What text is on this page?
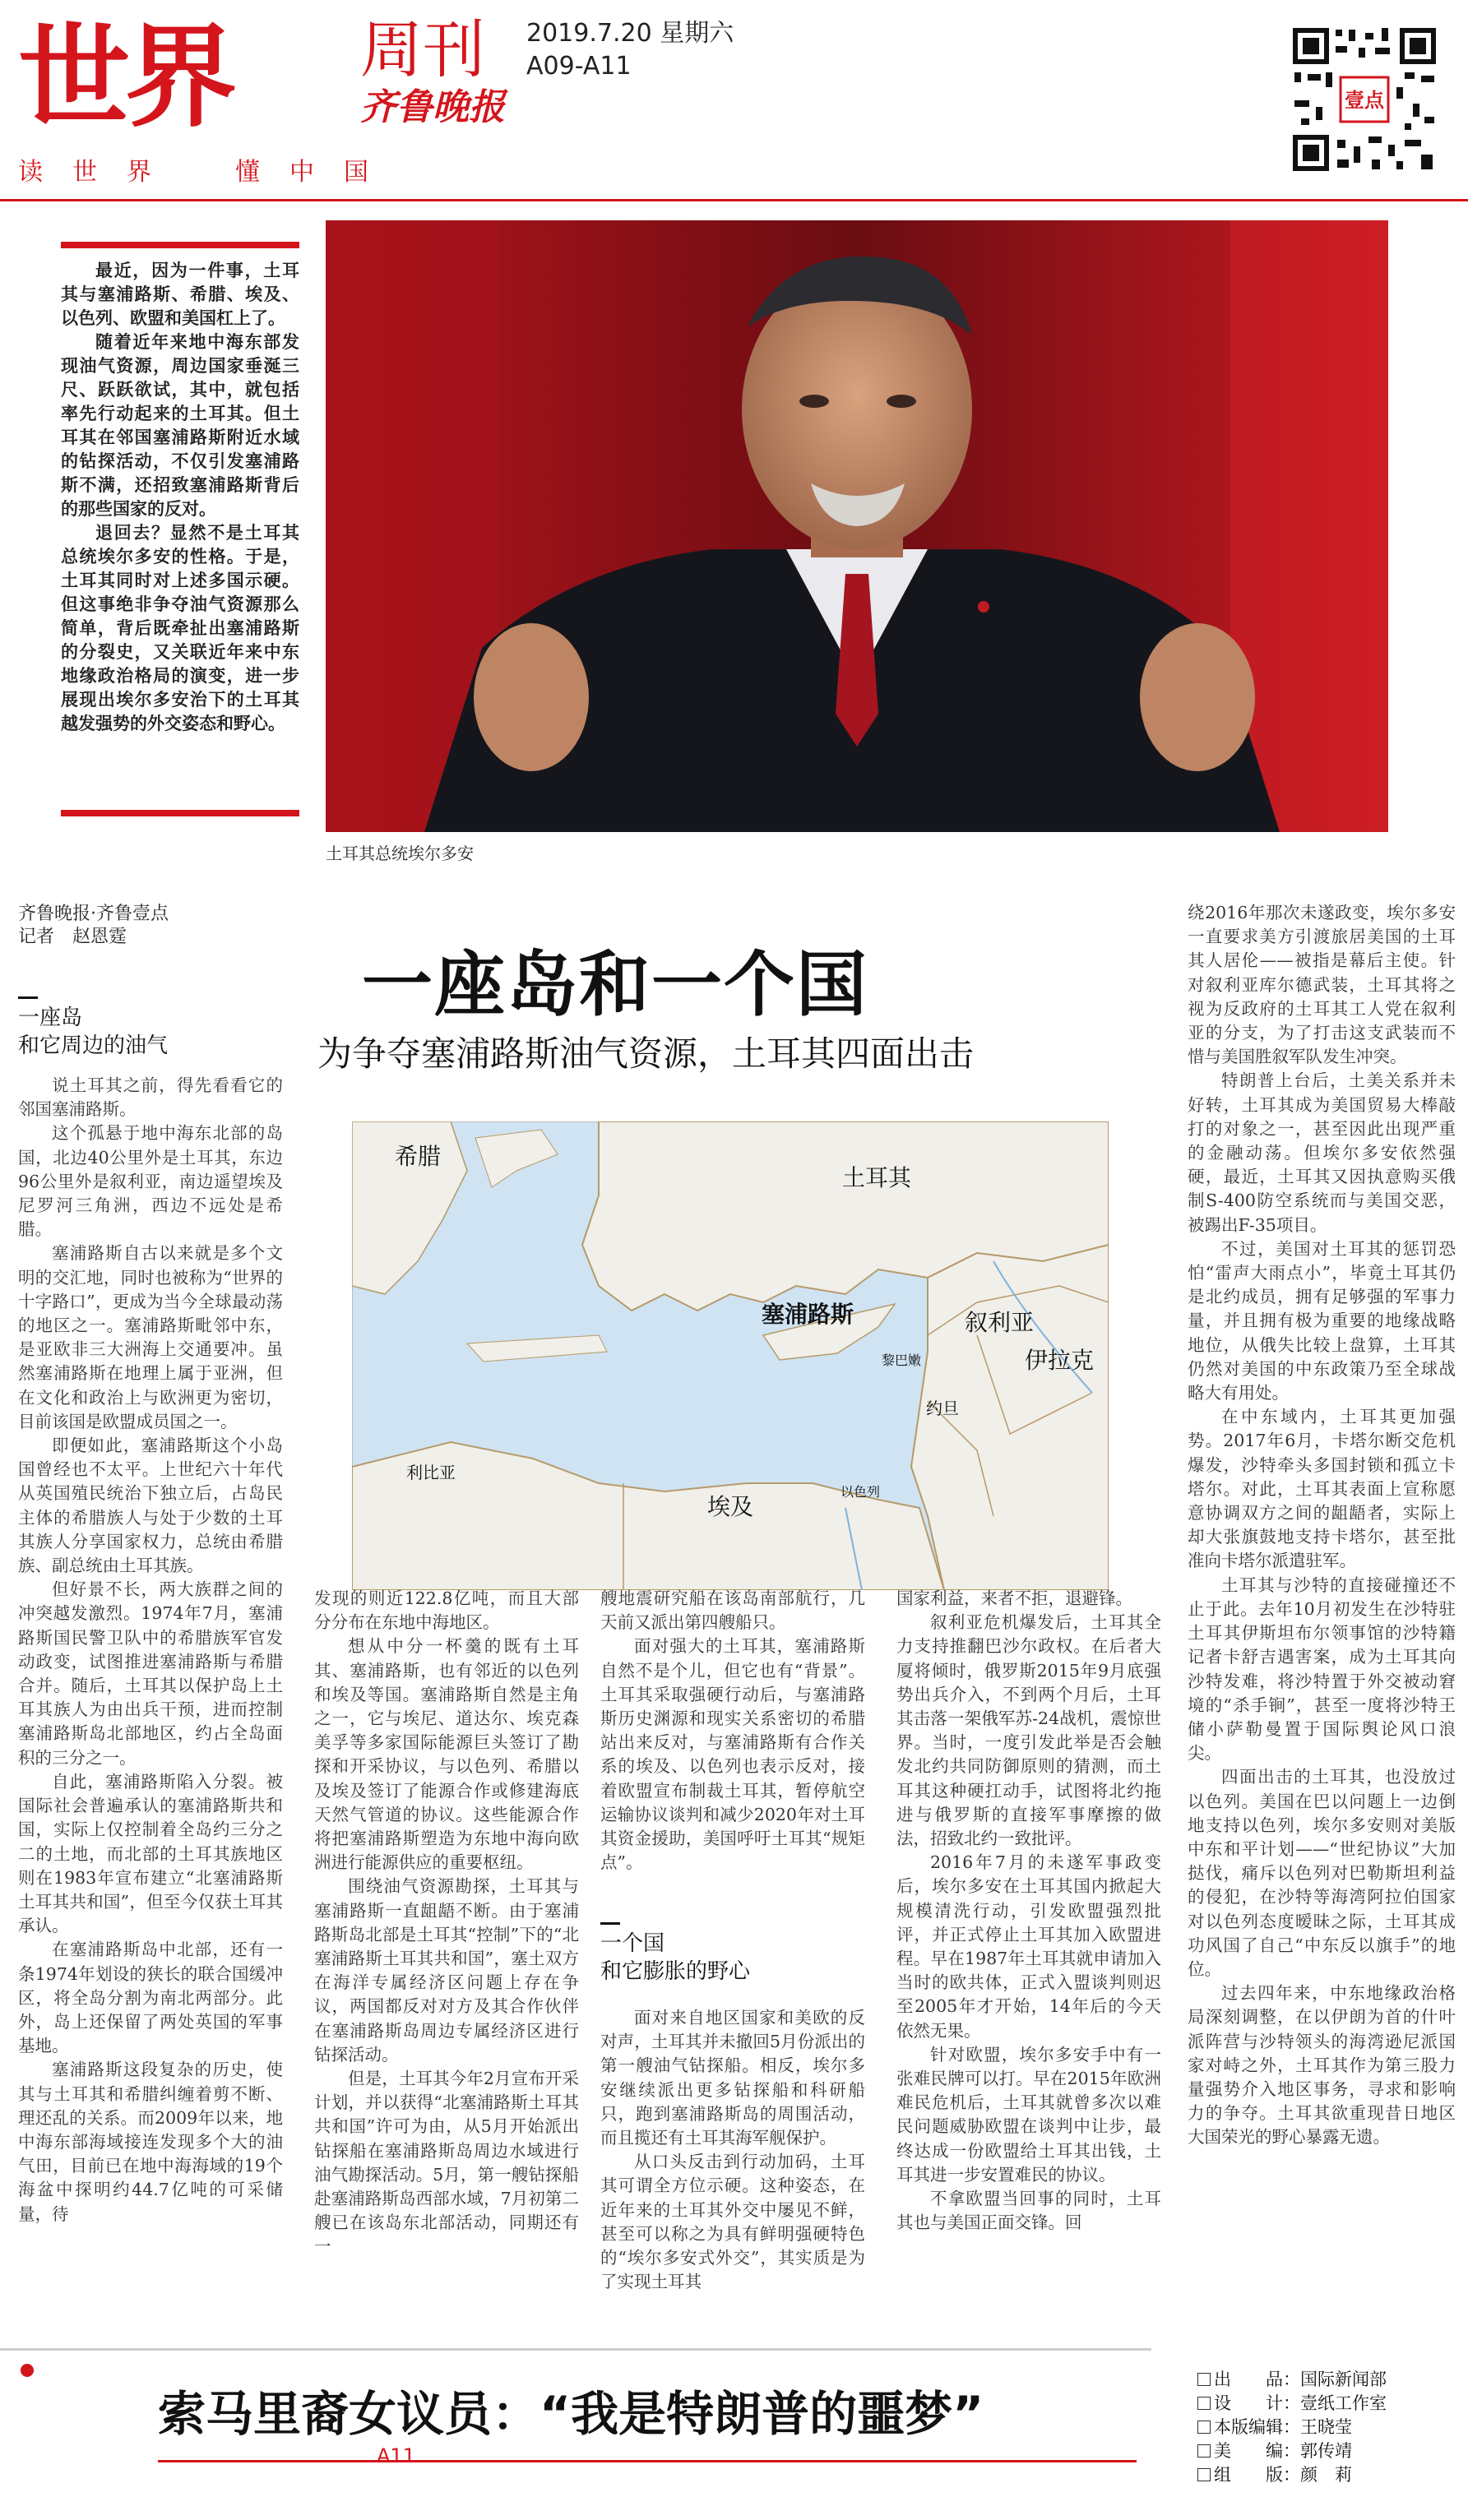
世界 周刊
齐鲁晚报
2019.7.20 星期六
A09-A11
读	世	界	懂	中	国
壹点

最近，因为一件事，土耳其与塞浦路斯、希腊、埃及、以色列、欧盟和美国杠上了。

随着近年来地中海东部发现油气资源，周边国家垂涎三尺、跃跃欲试，其中，就包括率先行动起来的土耳其。但土耳其在邻国塞浦路斯附近水域的钻探活动，不仅引发塞浦路斯不满，还招致塞浦路斯背后的那些国家的反对。

退回去？显然不是土耳其总统埃尔多安的性格。于是，土耳其同时对上述多国示硬。但这事绝非争夺油气资源那么简单，背后既牵扯出塞浦路斯的分裂史，又关联近年来中东地缘政治格局的演变，进一步展现出埃尔多安治下的土耳其越发强势的外交姿态和野心。

土耳其总统埃尔多安
齐鲁晚报·齐鲁壹点
记者　赵恩霆
一座岛和一个国
为争夺塞浦路斯油气资源，土耳其四面出击
一座岛
和它周边的油气
希腊
土耳其
塞浦路斯	叙利亚
黎巴嫩	伊拉克
约旦
以色列
利比亚
埃及

说土耳其之前，得先看看它的邻国塞浦路斯。

这个孤悬于地中海东北部的岛国，北边40公里外是土耳其，东边96公里外是叙利亚，南边遥望埃及尼罗河三角洲，西边不远处是希腊。

塞浦路斯自古以来就是多个文明的交汇地，同时也被称为“世界的十字路口”，更成为当今全球最动荡的地区之一。塞浦路斯毗邻中东，是亚欧非三大洲海上交通要冲。虽然塞浦路斯在地理上属于亚洲，但在文化和政治上与欧洲更为密切，目前该国是欧盟成员国之一。

即便如此，塞浦路斯这个小岛国曾经也不太平。上世纪六十年代从英国殖民统治下独立后，占岛民主体的希腊族人与处于少数的土耳其族人分享国家权力，总统由希腊族、副总统由土耳其族。

但好景不长，两大族群之间的冲突越发激烈。1974年7月，塞浦路斯国民警卫队中的希腊族军官发动政变，试图推进塞浦路斯与希腊合并。随后，土耳其以保护岛上土耳其族人为由出兵干预，进而控制塞浦路斯岛北部地区，约占全岛面积的三分之一。

自此，塞浦路斯陷入分裂。被国际社会普遍承认的塞浦路斯共和国，实际上仅控制着全岛约三分之二的土地，而北部的土耳其族地区则在1983年宣布建立“北塞浦路斯土耳其共和国”，但至今仅获土耳其承认。

在塞浦路斯岛中北部，还有一条1974年划设的狭长的联合国缓冲区，将全岛分割为南北两部分。此外，岛上还保留了两处英国的军事基地。

塞浦路斯这段复杂的历史，使其与土耳其和希腊纠缠着剪不断、理还乱的关系。而2009年以来，地中海东部海域接连发现多个大的油气田，目前已在地中海海域的19个海盆中探明约44.7亿吨的可采储量，待

发现的则近122.8亿吨，而且大部分分布在东地中海地区。

想从中分一杯羹的既有土耳其、塞浦路斯，也有邻近的以色列和埃及等国。塞浦路斯自然是主角之一，它与埃尼、道达尔、埃克森美孚等多家国际能源巨头签订了勘探和开采协议，与以色列、希腊以及埃及签订了能源合作或修建海底天然气管道的协议。这些能源合作将把塞浦路斯塑造为东地中海向欧洲进行能源供应的重要枢纽。

围绕油气资源勘探，土耳其与塞浦路斯一直龃龉不断。由于塞浦路斯岛北部是土耳其“控制”下的“北塞浦路斯土耳其共和国”，塞土双方在海洋专属经济区问题上存在争议，两国都反对对方及其合作伙伴在塞浦路斯岛周边专属经济区进行钻探活动。

但是，土耳其今年2月宣布开采计划，并以获得“北塞浦路斯土耳其共和国”许可为由，从5月开始派出钻探船在塞浦路斯岛周边水域进行油气勘探活动。5月，第一艘钻探船赴塞浦路斯岛西部水域，7月初第二艘已在该岛东北部活动，同期还有一

艘地震研究船在该岛南部航行，几天前又派出第四艘船只。

面对强大的土耳其，塞浦路斯自然不是个儿，但它也有“背景”。土耳其采取强硬行动后，与塞浦路斯历史渊源和现实关系密切的希腊站出来反对，与塞浦路斯有合作关系的埃及、以色列也表示反对，接着欧盟宣布制裁土耳其，暂停航空运输协议谈判和减少2020年对土耳其资金援助，美国呼吁土耳其“规矩点”。

一个国
和它膨胀的野心

面对来自地区国家和美欧的反对声，土耳其并未撤回5月份派出的第一艘油气钻探船。相反，埃尔多安继续派出更多钻探船和科研船只，跑到塞浦路斯岛的周围活动，而且揽还有土耳其海军舰保护。

从口头反击到行动加码，土耳其可谓全方位示硬。这种姿态，在近年来的土耳其外交中屡见不鲜，甚至可以称之为具有鲜明强硬特色的“埃尔多安式外交”，其实质是为了实现土耳其

国家利益，来者不拒，退避锋。

叙利亚危机爆发后，土耳其全力支持推翻巴沙尔政权。在后者大厦将倾时，俄罗斯2015年9月底强势出兵介入，不到两个月后，土耳其击落一架俄军苏-24战机，震惊世界。当时，一度引发此举是否会触发北约共同防御原则的猜测，而土耳其这种硬扛动手，试图将北约拖进与俄罗斯的直接军事摩擦的做法，招致北约一致批评。

2016年7月的未遂军事政变后，埃尔多安在土耳其国内掀起大规模清洗行动，引发欧盟强烈批评，并正式停止土耳其加入欧盟进程。早在1987年土耳其就申请加入当时的欧共体，正式入盟谈判则迟至2005年才开始，14年后的今天依然无果。

针对欧盟，埃尔多安手中有一张难民牌可以打。早在2015年欧洲难民危机后，土耳其就曾多次以难民问题威胁欧盟在谈判中让步，最终达成一份欧盟给土耳其出钱，土耳其进一步安置难民的协议。

不拿欧盟当回事的同时，土耳其也与美国正面交锋。回

绕2016年那次未遂政变，埃尔多安一直要求美方引渡旅居美国的土耳其人居伦——被指是幕后主使。针对叙利亚库尔德武装，土耳其将之视为反政府的土耳其工人党在叙利亚的分支，为了打击这支武装而不惜与美国胜叙军队发生冲突。

特朗普上台后，土美关系并未好转，土耳其成为美国贸易大棒敲打的对象之一，甚至因此出现严重的金融动荡。但埃尔多安依然强硬，最近，土耳其又因执意购买俄制S-400防空系统而与美国交恶，被踢出F-35项目。

不过，美国对土耳其的惩罚恐怕“雷声大雨点小”，毕竟土耳其仍是北约成员，拥有足够强的军事力量，并且拥有极为重要的地缘战略地位，从俄失比较上盘算，土耳其仍然对美国的中东政策乃至全球战略大有用处。

在中东域内，土耳其更加强势。2017年6月，卡塔尔断交危机爆发，沙特牵头多国封锁和孤立卡塔尔。对此，土耳其表面上宣称愿意协调双方之间的龃龉者，实际上却大张旗鼓地支持卡塔尔，甚至批准向卡塔尔派遣驻军。

土耳其与沙特的直接碰撞还不止于此。去年10月初发生在沙特驻土耳其伊斯坦布尔领事馆的沙特籍记者卡舒吉遇害案，成为土耳其向沙特发难，将沙特置于外交被动窘境的“杀手锏”，甚至一度将沙特王储小萨勒曼置于国际舆论风口浪尖。

四面出击的土耳其，也没放过以色列。美国在巴以问题上一边倒地支持以色列，埃尔多安则对美版中东和平计划——“世纪协议”大加挞伐，痛斥以色列对巴勒斯坦利益的侵犯，在沙特等海湾阿拉伯国家对以色列态度暧昧之际，土耳其成功风国了自己“中东反以旗手”的地位。

过去四年来，中东地缘政治格局深刻调整，在以伊朗为首的什叶派阵营与沙特领头的海湾逊尼派国家对峙之外，土耳其作为第三股力量强势介入地区事务，寻求和影响力的争夺。土耳其欲重现昔日地区大国荣光的野心暴露无遗。

索马里裔女议员：“我是特朗普的噩梦”
A11
出　　品：国际新闻部
设　　计：壹纸工作室
本版编辑：王晓莹
美　　编：郭传靖
组　　版：颜　莉
